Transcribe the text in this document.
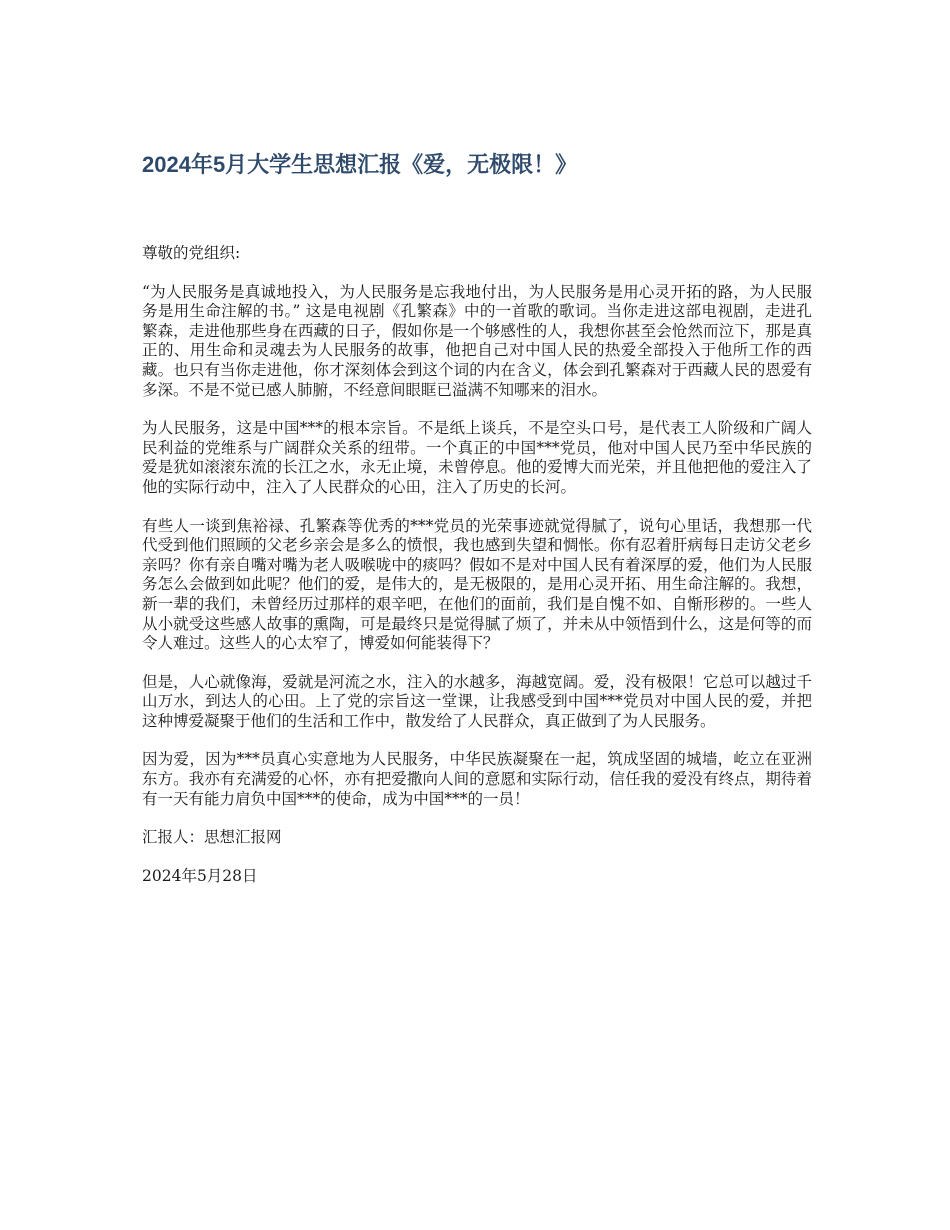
2024年5月大学生思想汇报《爱，无极限！》

尊敬的党组织:

“为人民服务是真诚地投入，为人民服务是忘我地付出，为人民服务是用心灵开拓的路，为人民服务是用生命注解的书。” 这是电视剧《孔繁森》中的一首歌的歌词。当你走进这部电视剧，走进孔繁森，走进他那些身在西藏的日子，假如你是一个够感性的人，我想你甚至会怆然而泣下，那是真正的、用生命和灵魂去为人民服务的故事，他把自己对中国人民的热爱全部投入于他所工作的西藏。也只有当你走进他，你才深刻体会到这个词的内在含义，体会到孔繁森对于西藏人民的恩爱有多深。不是不觉已感人肺腑，不经意间眼眶已溢满不知哪来的泪水。

为人民服务，这是中国***的根本宗旨。不是纸上谈兵，不是空头口号，是代表工人阶级和广阔人民利益的党维系与广阔群众关系的纽带。一个真正的中国***党员，他对中国人民乃至中华民族的爱是犹如滚滚东流的长江之水，永无止境，未曾停息。他的爱博大而光荣，并且他把他的爱注入了他的实际行动中，注入了人民群众的心田，注入了历史的长河。

有些人一谈到焦裕禄、孔繁森等优秀的***党员的光荣事迹就觉得腻了，说句心里话，我想那一代代受到他们照顾的父老乡亲会是多么的愤恨，我也感到失望和惆怅。你有忍着肝病每日走访父老乡亲吗？你有亲自嘴对嘴为老人吸喉咙中的痰吗？假如不是对中国人民有着深厚的爱，他们为人民服务怎么会做到如此呢？他们的爱，是伟大的，是无极限的，是用心灵开拓、用生命注解的。我想，新一辈的我们，未曾经历过那样的艰辛吧，在他们的面前，我们是自愧不如、自惭形秽的。一些人从小就受这些感人故事的熏陶，可是最终只是觉得腻了烦了，并未从中领悟到什么，这是何等的而令人难过。这些人的心太窄了，博爱如何能装得下？

但是，人心就像海，爱就是河流之水，注入的水越多，海越宽阔。爱，没有极限！它总可以越过千山万水，到达人的心田。上了党的宗旨这一堂课，让我感受到中国***党员对中国人民的爱，并把这种博爱凝聚于他们的生活和工作中，散发给了人民群众，真正做到了为人民服务。

因为爱，因为***员真心实意地为人民服务，中华民族凝聚在一起，筑成坚固的城墙，屹立在亚洲东方。我亦有充满爱的心怀，亦有把爱撒向人间的意愿和实际行动，信任我的爱没有终点，期待着有一天有能力肩负中国***的使命，成为中国***的一员！

汇报人：思想汇报网

2024年5月28日
